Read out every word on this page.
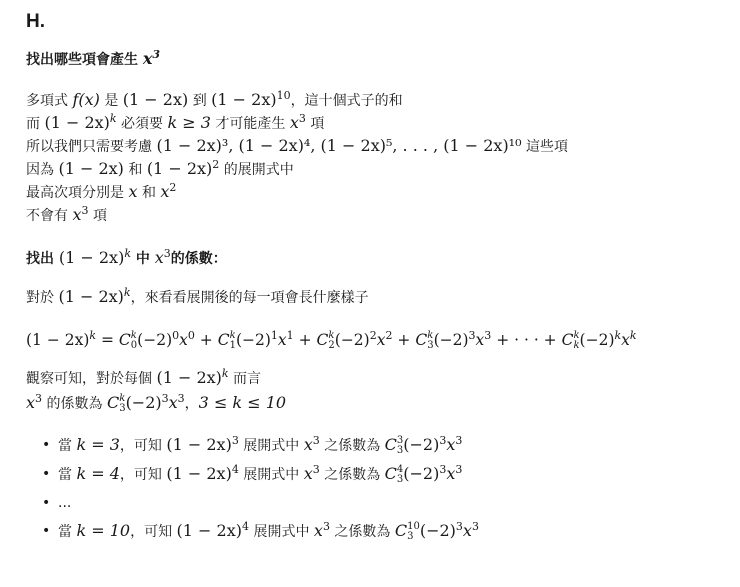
H.

找出哪些項會產生 $x^3$

多項式 f(x) 是 (1 − 2x) 到 $(1 - 2x)^{10}$，這十個式子的和

而 $(1 - 2x)^k$ 必須要 k ≥ 3 才可能產生 $x^3$ 項

所以我們只需要考慮 (1 − 2x)³, (1 − 2x)⁴, (1 − 2x)⁵, . . . , (1 − 2x)¹⁰ 這些項

因為 (1 − 2x) 和 $(1 - 2x)^2$ 的展開式中

最高次項分別是 x 和 $x^2$

不會有 $x^3$ 項

找出 $(1 - 2x)^k$ 中 $x^3$的係數：

對於 $(1 - 2x)^k$，來看看展開後的每一項會長什麼樣子

$(1 - 2x)^k = C$ k
0 $(-2)^0x^0 + C$ k
1 $(-2)^1x^1 + C$ k
2 $(-2)^2x^2 + C$ k
3 $(-2)^3x^3$ + · · · + C k
k $(-2)^kx^k$

觀察可知，對於每個 $(1 - 2x)^k$ 而言

$x^3$ 的係數為 C k
3 $(-2)^3x^3$，3 ≤ k ≤ 10

• 當 k = 3，可知 $(1 - 2x)^3$ 展開式中 $x^3$ 之係數為 C 3
3 $(-2)^3x^3$
• 當 k = 4，可知 $(1 - 2x)^4$ 展開式中 $x^3$ 之係數為 C 4
3 $(-2)^3x^3$
• ...
• 當 k = 10，可知 $(1 - 2x)^4$ 展開式中 $x^3$ 之係數為 C 10
3 $(-2)^3x^3$
